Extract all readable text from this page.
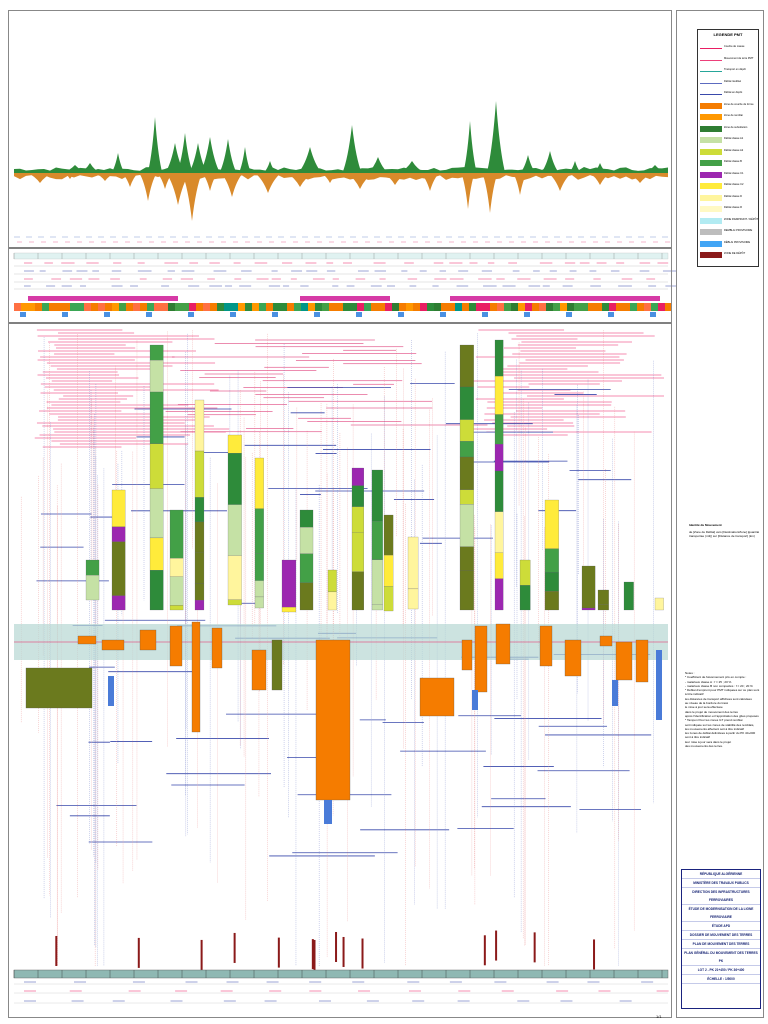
LEGENDE PMT
Courbe de masse
Mouvement de terre PMT
Transport en dépôt
Déblai réutilisé
Déblai en dépôt
Zone de couche de forme
Zone de remblai
Zone de substitution
Déblai classe A1
Déblai classe A2
Déblai classe B
Déblai classe C1
Déblai classe C2
Déblai classe D
Déblai classe R
ZONE D'EMPRUNT / DÉPÔT
REMBLAI PROVISOIRE
DÉBLAI PROVISOIRE
ZONE DE DÉPÔT
Identité du Mouvement
de [Zone de Déblai] vers [Destination/Zone] [quantité transportée (m3)] sur [Distance de transport] (km)
Notes :
* Coefficient de foisonnement pris en compte :
- matériaux classe A : f = 25 ; 20 %
- matériaux classe B non compactés : f = 20 ; 20 %
* Déblai d'emprunt pour PMT indiquées sur ce plan sont à titre indicatif
les distances de transport affichées sont calculées
au niveau de la bordure du tracé
le mise à jour sera effectuée
dans le projet de mouvement des terres
après l'identification et l'approbation des gîtes proposés
* Tampon Pour les zones GT prend remblai
soit indiquée sur les zones de stabilité des remblais,
les mouvements affectent soit à titre indicatif
les zones de déblai délimitées à partir du PK 40+000 sont à titre indicatif
leur mise à jour sera dans le projet
des mouvements des terres.
RÉPUBLIQUE ALGÉRIENNE
MINISTÈRE DES TRAVAUX PUBLICS
DIRECTION DES INFRASTRUCTURES FERROVIAIRES
ÉTUDE DE MODERNISATION DE LA LIGNE FERROVIAIRE
ÉTUDE APD
DOSSIER DE MOUVEMENT DES TERRES
PLAN DE MOUVEMENT DES TERRES
PLAN GÉNÉRAL DU MOUVEMENT DES TERRES PK
LOT 2 - PK 21+450 / PK 36+400
ÉCHELLE : 1/5000
1/1
